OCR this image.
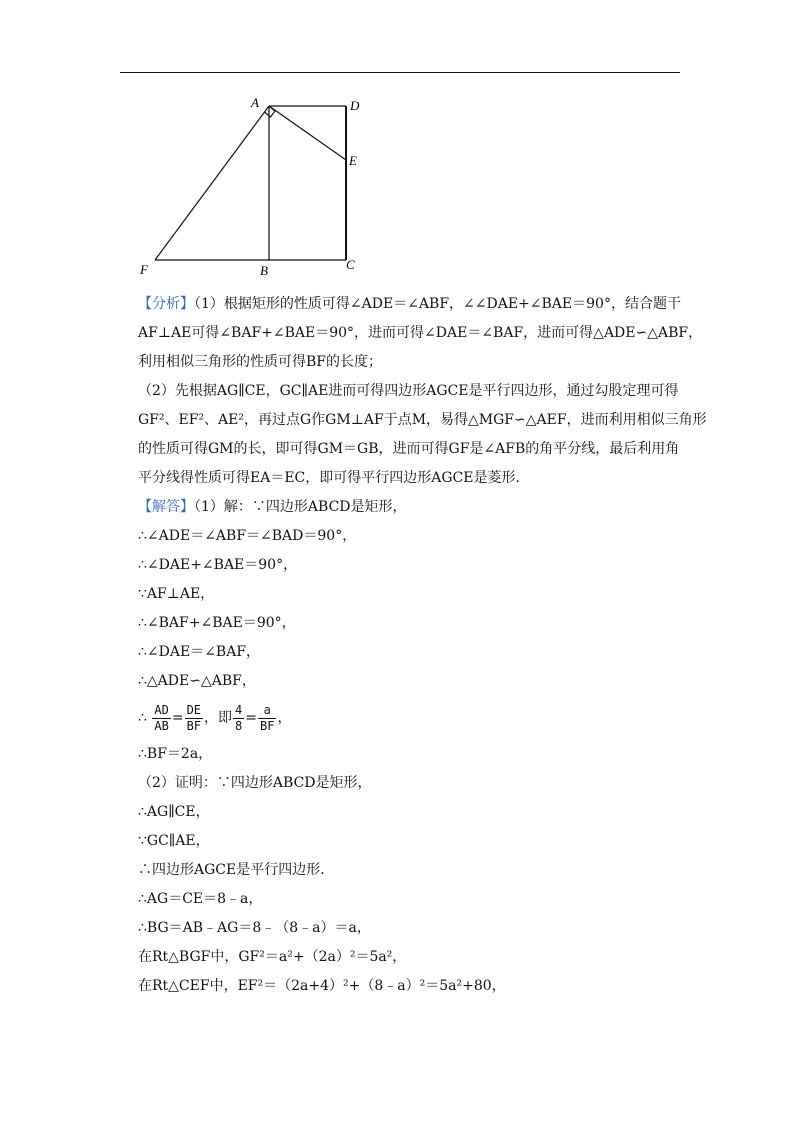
A	D
E
F	B	C
【分析】（1）根据矩形的性质可得∠ADE＝∠ABF，∠∠DAE+∠BAE＝90°，结合题干
AF⊥AE可得∠BAF+∠BAE＝90°，进而可得∠DAE＝∠BAF，进而可得△ADE∽△ABF，
利用相似三角形的性质可得BF的长度；
（2）先根据AG∥CE，GC∥AE进而可得四边形AGCE是平行四边形，通过勾股定理可得
GF²、EF²、AE²，再过点G作GM⊥AF于点M，易得△MGF∽△AEF，进而利用相似三角形
的性质可得GM的长，即可得GM＝GB，进而可得GF是∠AFB的角平分线，最后利用角
平分线得性质可得EA＝EC，即可得平行四边形AGCE是菱形．
【解答】（1）解：∵四边形ABCD是矩形，
∴∠ADE＝∠ABF＝∠BAD＝90°，
∴∠DAE+∠BAE＝90°，
∵AF⊥AE，
∴∠BAF+∠BAE＝90°，
∴∠DAE＝∠BAF，
∴△ADE∽△ABF，
∴ $\frac{AD}{AB} = \frac{DE}{BF}$ ，即 $\frac{4}{8} = \frac{a}{BF}$ ，
∴BF＝2a，
（2）证明：∵四边形ABCD是矩形，
∴AG∥CE，
∵GC∥AE，
∴四边形AGCE是平行四边形．
∴AG＝CE＝8﹣a，
∴BG＝AB﹣AG＝8﹣（8﹣a）＝a，
在Rt△BGF中，GF²＝a²+（2a）²＝5a²，
在Rt△CEF中，EF²＝（2a+4）²+（8﹣a）²＝5a²+80，
